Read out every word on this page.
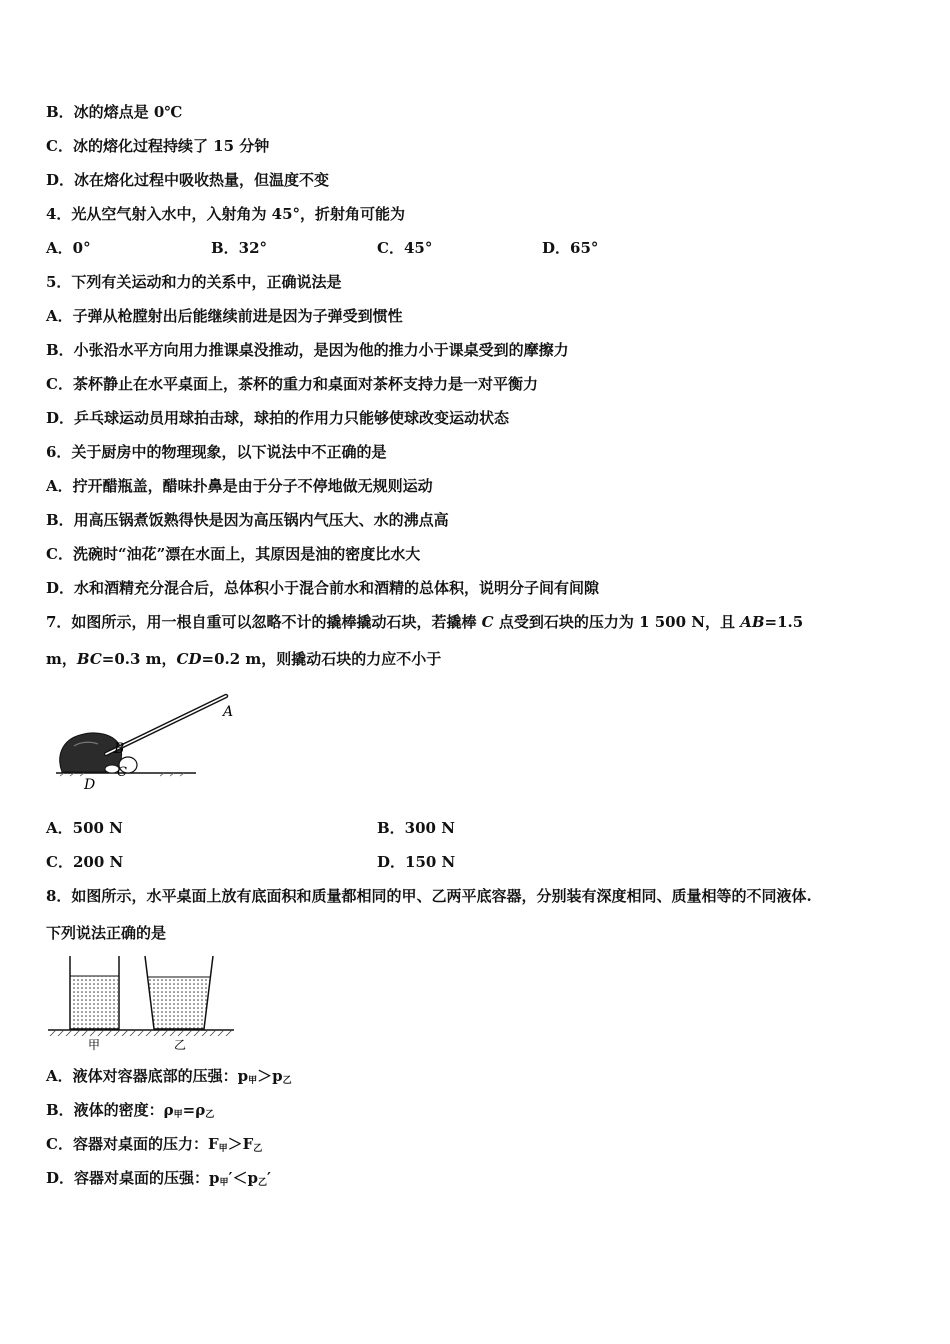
B．冰的熔点是 0℃
C．冰的熔化过程持续了 15 分钟
D．冰在熔化过程中吸收热量，但温度不变
4．光从空气射入水中，入射角为 45°，折射角可能为
A．0°	B．32°	C．45°	D．65°
5．下列有关运动和力的关系中，正确说法是
A．子弹从枪膛射出后能继续前进是因为子弹受到惯性
B．小张沿水平方向用力推课桌没推动，是因为他的推力小于课桌受到的摩擦力
C．茶杯静止在水平桌面上，茶杯的重力和桌面对茶杯支持力是一对平衡力
D．乒乓球运动员用球拍击球，球拍的作用力只能够使球改变运动状态
6．关于厨房中的物理现象，以下说法中不正确的是
A．拧开醋瓶盖，醋味扑鼻是由于分子不停地做无规则运动
B．用高压锅煮饭熟得快是因为高压锅内气压大、水的沸点高
C．洗碗时“油花”漂在水面上，其原因是油的密度比水大
D．水和酒精充分混合后，总体积小于混合前水和酒精的总体积，说明分子间有间隙
7．如图所示，用一根自重可以忽略不计的撬棒撬动石块，若撬棒 C 点受到石块的压力为 1 500 N，且 AB=1.5
m，BC=0.3 m，CD=0.2 m，则撬动石块的力应不小于
A
B
C
D
A．500 N	B．300 N
C．200 N	D．150 N
8．如图所示，水平桌面上放有底面积和质量都相同的甲、乙两平底容器，分别装有深度相同、质量相等的不同液体.
下列说法正确的是
甲	乙
A．液体对容器底部的压强：$p_甲>p_乙$
B．液体的密度：$\rho_甲=\rho_乙$
C．容器对桌面的压力：$F_甲>F_乙$
D．容器对桌面的压强：$p_甲'<p_乙'$
